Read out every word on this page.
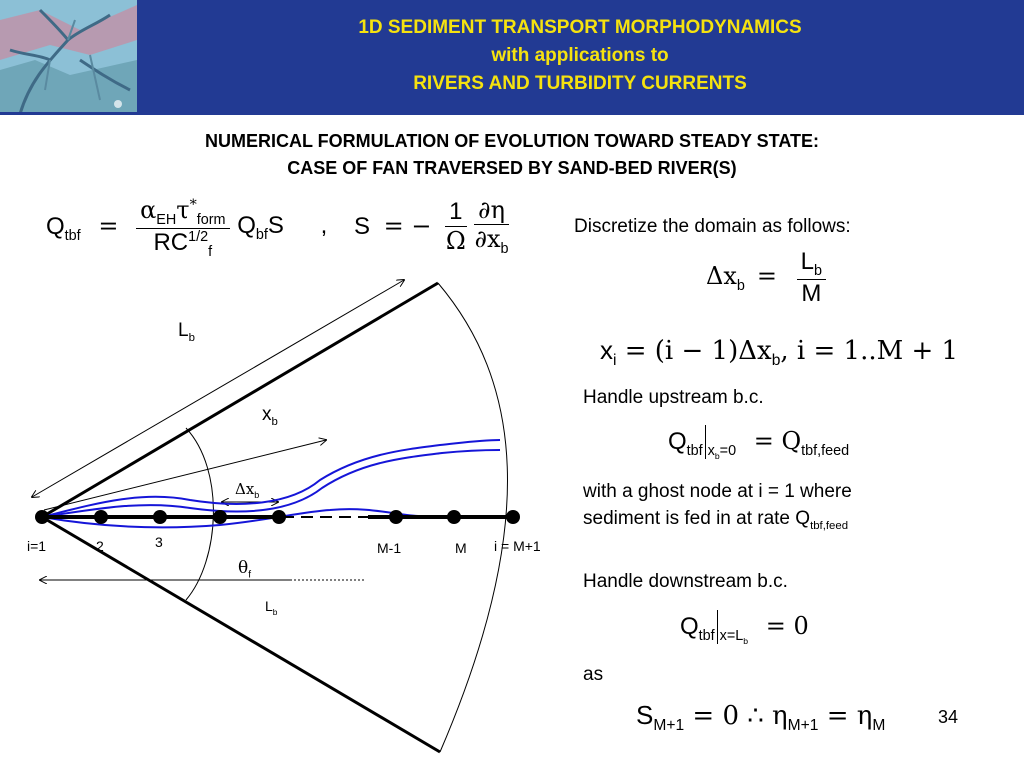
1D SEDIMENT TRANSPORT MORPHODYNAMICS
with applications to
RIVERS AND TURBIDITY CURRENTS
NUMERICAL FORMULATION OF EVOLUTION TOWARD STEADY STATE:
CASE OF FAN TRAVERSED BY SAND-BED RIVER(S)
$Q_{tbf} = \frac{\alpha_{EH}\tau^*_{form}}{RC^{1/2}_f} Q_{bf}S$ , S = − $\frac{1}{\Omega}$
$\frac{\partial\eta}{\partial x_b}$	Discretize the domain as follows:
$\Delta x_b = \frac{L_b}{M}$
$x_i = (i - 1)\Delta x_b$, i = 1..M + 1
Handle upstream b.c.
$Q_{tbf}$ $_{x_b=0} = Q_{tbf,feed}$
with a ghost node at i = 1 where
sediment is fed in at rate $Q_{tbf,feed}$
Handle downstream b.c.
$Q_{tbf}$ $_{x=L_b}$ = 0
as
$S_{M+1} = 0$ ∴ $\eta_{M+1} = \eta_M$	34
$L_b$
$x_b$
$\Delta x_b$
$\theta_f$
$L_b$
i=1	2	3	M-1	M i = M+1
